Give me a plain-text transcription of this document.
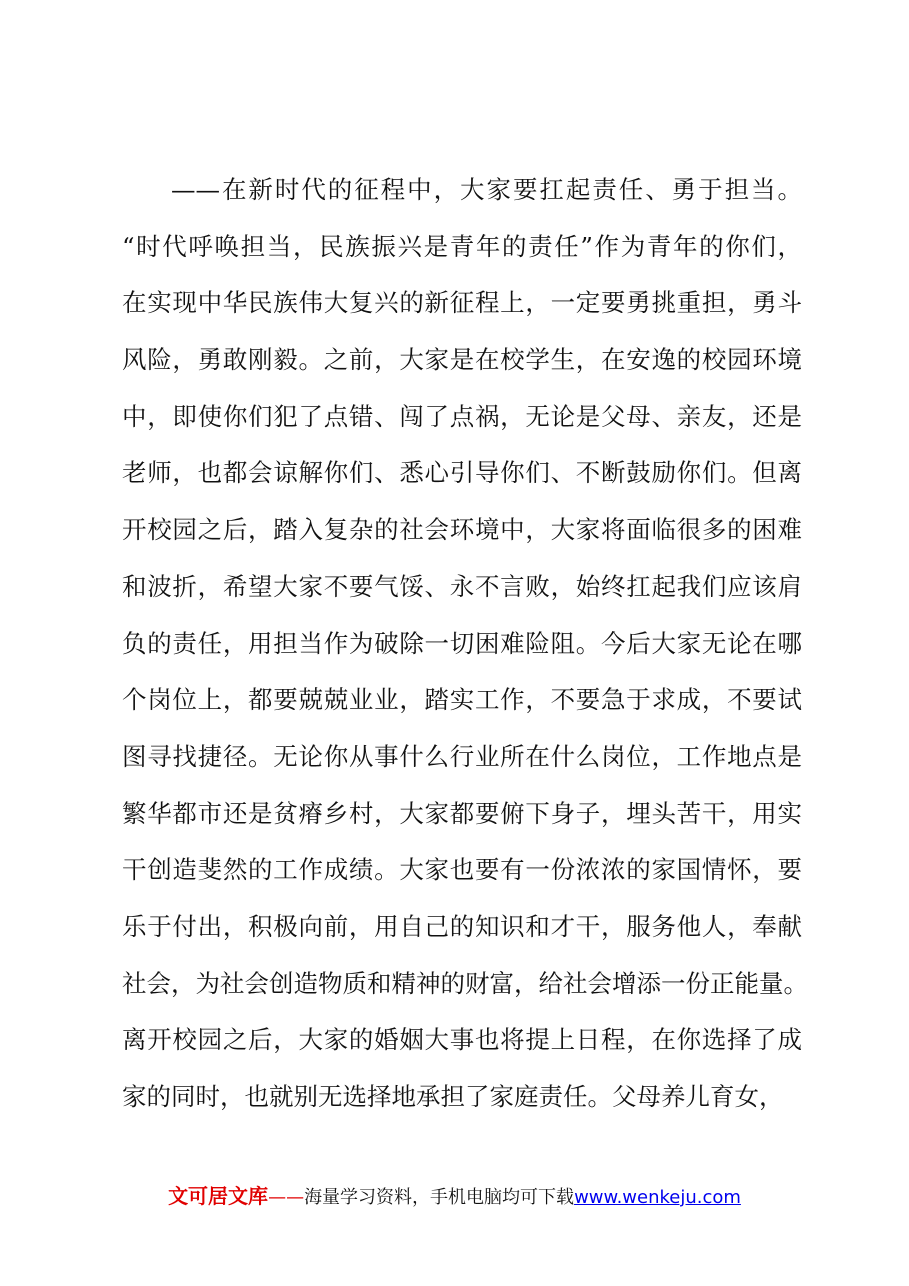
——在新时代的征程中，大家要扛起责任、勇于担当。
“时代呼唤担当，民族振兴是青年的责任”作为青年的你们，
在实现中华民族伟大复兴的新征程上，一定要勇挑重担，勇斗
风险，勇敢刚毅。之前，大家是在校学生，在安逸的校园环境
中，即使你们犯了点错、闯了点祸，无论是父母、亲友，还是
老师，也都会谅解你们、悉心引导你们、不断鼓励你们。但离
开校园之后，踏入复杂的社会环境中，大家将面临很多的困难
和波折，希望大家不要气馁、永不言败，始终扛起我们应该肩
负的责任，用担当作为破除一切困难险阻。今后大家无论在哪
个岗位上，都要兢兢业业，踏实工作，不要急于求成，不要试
图寻找捷径。无论你从事什么行业所在什么岗位，工作地点是
繁华都市还是贫瘠乡村，大家都要俯下身子，埋头苦干，用实
干创造斐然的工作成绩。大家也要有一份浓浓的家国情怀，要
乐于付出，积极向前，用自己的知识和才干，服务他人，奉献
社会，为社会创造物质和精神的财富，给社会增添一份正能量。
离开校园之后，大家的婚姻大事也将提上日程，在你选择了成
家的同时，也就别无选择地承担了家庭责任。父母养儿育女，
文可居文库——海量学习资料，手机电脑均可下载www.wenkeju.com
